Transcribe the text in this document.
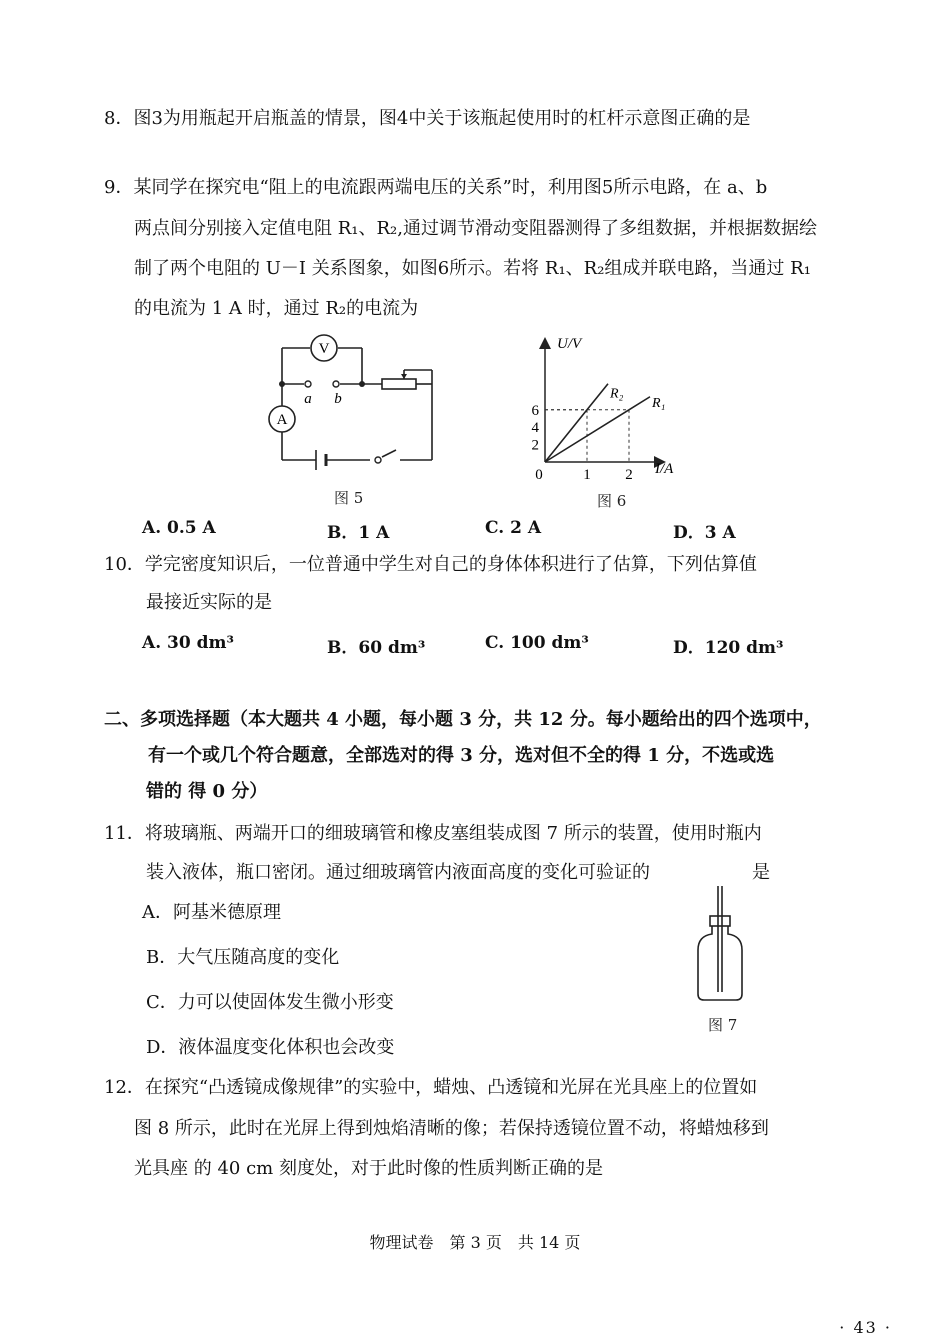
8．图3为用瓶起开启瓶盖的情景，图4中关于该瓶起使用时的杠杆示意图正确的是
9．某同学在探究电“阻上的电流跟两端电压的关系”时，利用图5所示电路，在 a、b
两点间分别接入定值电阻 R₁、R₂,通过调节滑动变阻器测得了多组数据，并根据数据绘
制了两个电阻的 U－I 关系图象，如图6所示。若将 R₁、R₂组成并联电路，当通过 R₁
的电流为 1 A 时，通过 R₂的电流为
V
A
a b
图 5
R₂
R₁
2
4
6
0	1 2
U/V
I/A
图 6
A. 0.5 A	B．1 A	C. 2 A	D．3 A
10．学完密度知识后，一位普通中学生对自己的身体体积进行了估算，下列估算值
最接近实际的是
A. 30 dm³	B．60 dm³	C. 100 dm³	D．120 dm³
二、多项选择题（本大题共 4 小题，每小题 3 分，共 12 分。每小题给出的四个选项中，
有一个或几个符合题意，全部选对的得 3 分，选对但不全的得 1 分，不选或选
错的 得 0 分）
11．将玻璃瓶、两端开口的细玻璃管和橡皮塞组装成图 7 所示的装置，使用时瓶内
装入液体，瓶口密闭。通过细玻璃管内液面高度的变化可验证的	是
A．阿基米德原理
B．大气压随高度的变化
C．力可以使固体发生微小形变
D．液体温度变化体积也会改变
图 7
12．在探究“凸透镜成像规律”的实验中，蜡烛、凸透镜和光屏在光具座上的位置如
图 8 所示，此时在光屏上得到烛焰清晰的像；若保持透镜位置不动，将蜡烛移到
光具座 的 40 cm 刻度处，对于此时像的性质判断正确的是
物理试卷　第 3 页　共 14 页
· 43 ·
